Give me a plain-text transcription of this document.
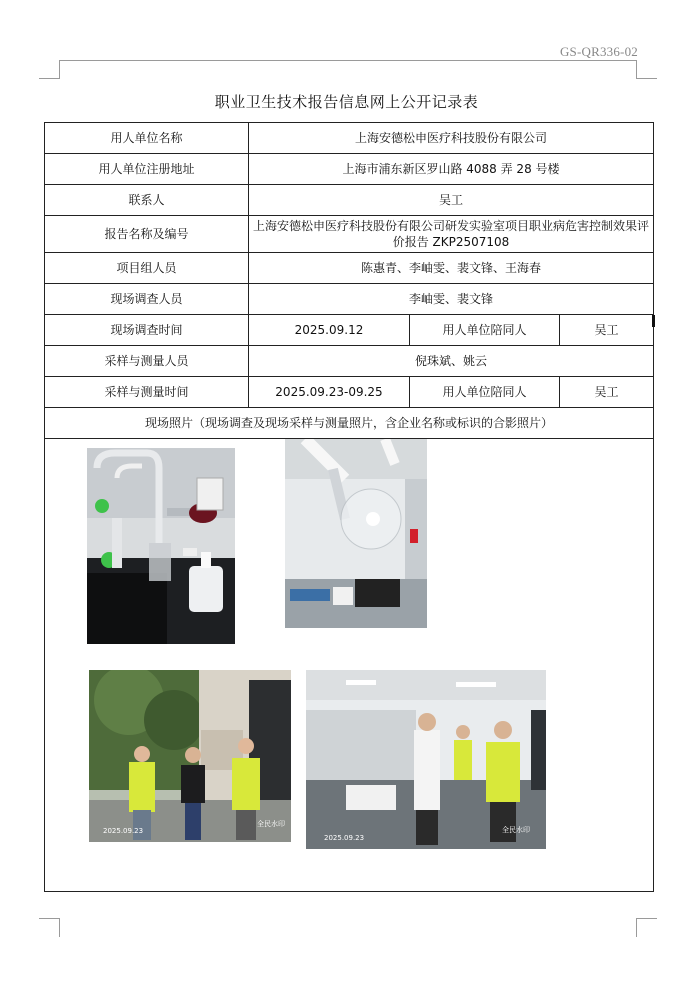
GS-QR336-02
职业卫生技术报告信息网上公开记录表
用人单位名称	上海安德松申医疗科技股份有限公司		
用人单位注册地址	上海市浦东新区罗山路 4088 弄 28 号楼		
联系人	吴工		
报告名称及编号	上海安德松申医疗科技股份有限公司研发实验室项目职业病危害控制效果评价报告 ZKP2507108		
项目组人员	陈惠青、李岫雯、裴文锋、王海春		
现场调查人员	李岫雯、裴文锋		
现场调查时间	2025.09.12	用人单位陪同人	吴工
采样与测量人员	倪珠斌、姚云		
采样与测量时间	2025.09.23-09.25	用人单位陪同人	吴工
现场照片（现场调查及现场采样与测量照片，含企业名称或标识的合影照片）			

2025.09.23
全民水印
2025.09.23
全民水印			
